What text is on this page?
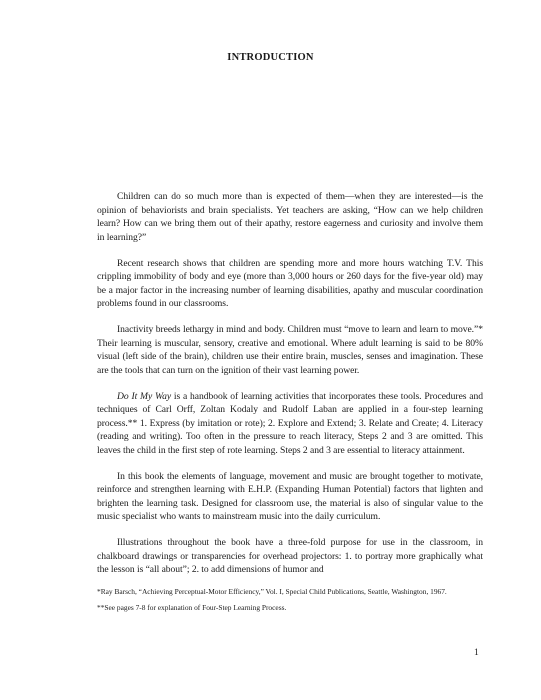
INTRODUCTION

Children can do so much more than is expected of them—when they are interested—is the opinion of behaviorists and brain specialists. Yet teachers are asking, “How can we help children learn? How can we bring them out of their apathy, restore eagerness and curiosity and involve them in learning?”

Recent research shows that children are spending more and more hours watching T.V. This crippling immobility of body and eye (more than 3,000 hours or 260 days for the five-year old) may be a major factor in the increasing number of learning disabilities, apathy and muscular coordination problems found in our classrooms.

Inactivity breeds lethargy in mind and body. Children must “move to learn and learn to move.”* Their learning is muscular, sensory, creative and emotional. Where adult learning is said to be 80% visual (left side of the brain), children use their entire brain, muscles, senses and imagination. These are the tools that can turn on the ignition of their vast learning power.

Do It My Way is a handbook of learning activities that incorporates these tools. Procedures and techniques of Carl Orff, Zoltan Kodaly and Rudolf Laban are applied in a four-step learning process.** 1. Express (by imitation or rote); 2. Explore and Extend; 3. Relate and Create; 4. Literacy (reading and writing). Too often in the pressure to reach literacy, Steps 2 and 3 are omitted. This leaves the child in the first step of rote learning. Steps 2 and 3 are essential to literacy attainment.

In this book the elements of language, movement and music are brought together to motivate, reinforce and strengthen learning with E.H.P. (Expanding Human Potential) factors that lighten and brighten the learning task. Designed for classroom use, the material is also of singular value to the music specialist who wants to mainstream music into the daily curriculum.

Illustrations throughout the book have a three-fold purpose for use in the classroom, in chalkboard drawings or transparencies for overhead projectors: 1. to portray more graphically what the lesson is “all about”; 2. to add dimensions of humor and

*Ray Barsch, “Achieving Perceptual-Motor Efficiency,” Vol. I, Special Child Publications, Seattle, Washington, 1967.

**See pages 7-8 for explanation of Four-Step Learning Process.

1
